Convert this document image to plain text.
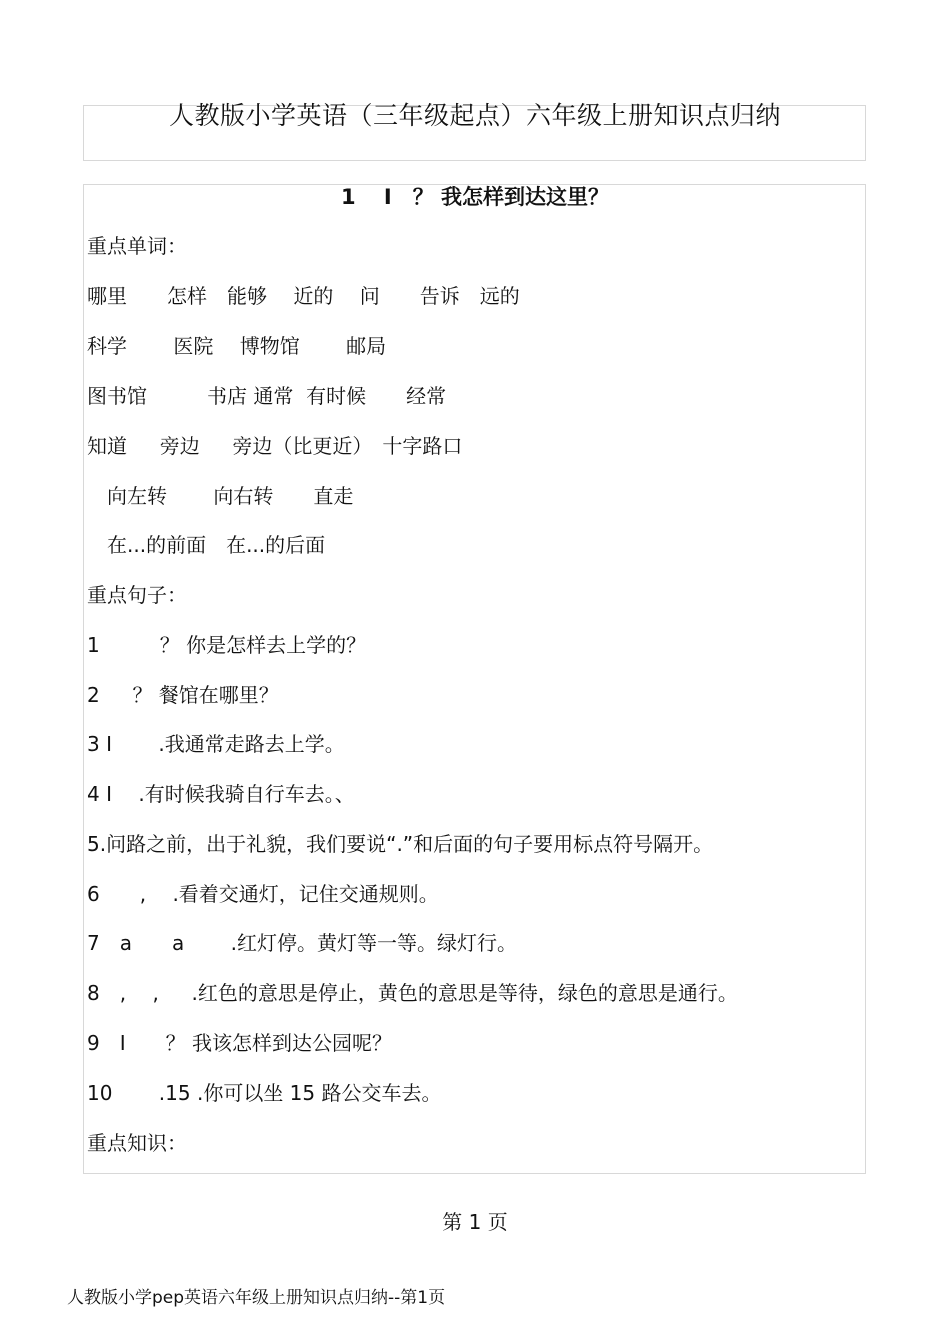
人教版小学英语（三年级起点）六年级上册知识点归纳
1　 I　？ 我怎样到达这里？
重点单词：
哪里　　怎样　能够　 近的　 问　　告诉　远的
科学　　 医院　 博物馆　　 邮局
图书馆　　　书店 通常  有时候　　经常
知道　  旁边　  旁边（比更近）　十字路口
　向左转　　 向右转　　直走
　在...的前面　在...的后面
重点句子：
1　　　？ 你是怎样去上学的？
2　  ？ 餐馆在哪里？
3 I　　 .我通常走路去上学。
4 I　 .有时候我骑自行车去。、
5.问路之前，出于礼貌，我们要说“.”和后面的句子要用标点符号隔开。
6　　,　 .看着交通灯，记住交通规则。
7　a　　a　　 .红灯停。黄灯等一等。绿灯行。
8　,　 ,　  .红色的意思是停止，黄色的意思是等待，绿色的意思是通行。
9　I　　？ 我该怎样到达公园呢？
10　　 .15 .你可以坐 15 路公交车去。
重点知识：
第 1 页
人教版小学pep英语六年级上册知识点归纳--第1页
